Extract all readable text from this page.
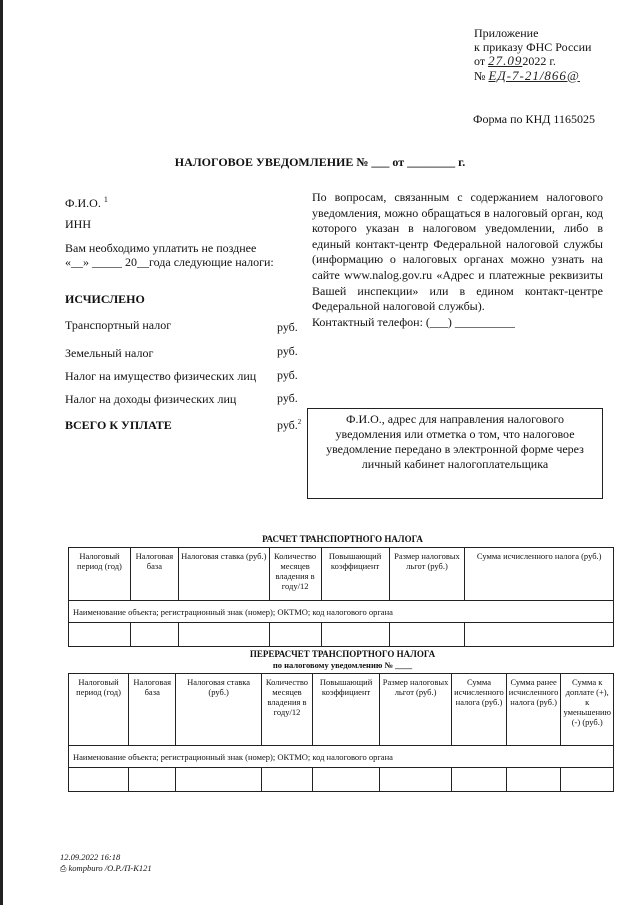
Приложение
к приказу ФНС России
от 27.092022 г.
№ ЕД-7-21/866@
Форма по КНД 1165025
НАЛОГОВОЕ УВЕДОМЛЕНИЕ № ___ от ________ г.
Ф.И.О. $^1$
ИНН
Вам необходимо уплатить не позднее
«__» _____ 20__года следующие налоги:
ИСЧИСЛЕНО
Транспортный налог	руб.
Земельный налог	руб.
Налог на имущество физических лиц руб.
Налог на доходы физических лиц	руб.
ВСЕГО К УПЛАТЕ	руб.$^2$

По вопросам, связанным с содержанием налогового уведомления, можно обращаться в налоговый орган, код которого указан в налоговом уведомлении, либо в единый контакт-центр Федеральной налоговой службы (информацию о налоговых органах можно узнать на сайте www.nalog.gov.ru «Адрес и платежные реквизиты Вашей инспекции» или в едином контакт-центре Федеральной налоговой службы).

Контактный телефон: (___) __________

Ф.И.О., адрес для направления налогового уведомления или отметка о том, что налоговое уведомление передано в электронной форме через личный кабинет налогоплательщика
РАСЧЕТ ТРАНСПОРТНОГО НАЛОГА
Налоговый период (год)	Налоговая база	Налоговая ставка (руб.)	Количество месяцев владения в году/12	Повышающий коэффициент	Размер налоговых льгот (руб.)	Сумма исчисленного налога (руб.)
Наименование объекта; регистрационный знак (номер); ОКТМО; код налогового органа						

ПЕРЕРАСЧЕТ ТРАНСПОРТНОГО НАЛОГА
по налоговому уведомлению № ____
Налоговый период (год)	Налоговая база	Налоговая ставка (руб.)	Количество месяцев владения в году/12	Повышающий коэффициент	Размер налоговых льгот (руб.)	Сумма исчисленного налога (руб.)	Сумма ранее исчисленного налога (руб.)	Сумма к доплате (+), к уменьшению (-) (руб.)
Наименование объекта; регистрационный знак (номер); ОКТМО; код налогового органа								

12.09.2022 16:18
⎙ kompburo /О.Р./П-К121
